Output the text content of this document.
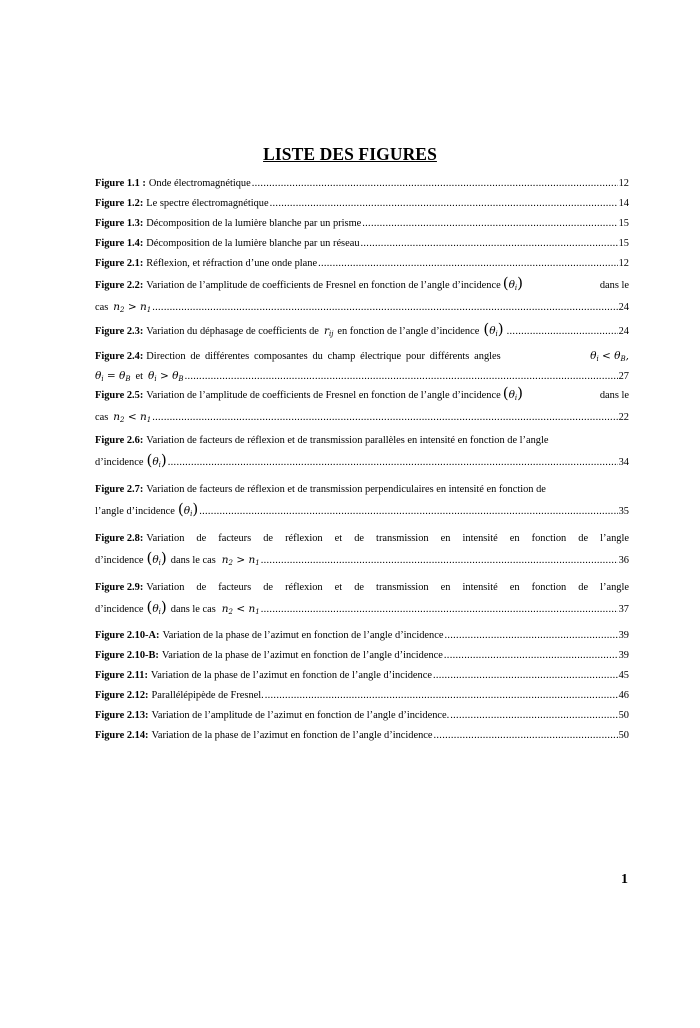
LISTE DES FIGURES
Figure 1.1 : Onde électromagnétique .....	12
Figure 1.2: Le spectre électromagnétique .....	14
Figure 1.3: Décomposition de la lumière blanche par un prisme .....	15
Figure 1.4: Décomposition de la lumière blanche par un réseau .....	15
Figure 2.1: Réflexion, et réfraction d’une onde plane .....	12
Figure 2.2: Variation de l’amplitude de coefficients de Fresnel en fonction de l’angle d’incidence $(\theta_i)$	dans le
cas $n_2 > n_1$ .....	24
Figure 2.3: Variation du déphasage de coefficients de $r_{ij}$ en fonction de l’angle d’incidence $(\theta_i)$ .....	24
Figure 2.4: Direction de différentes composantes du champ électrique pour différents angles	$\theta_i < \theta_B$,
$\theta_i = \theta_B$ et $\theta_i > \theta_B$ .....	27
Figure 2.5: Variation de l’amplitude de coefficients de Fresnel en fonction de l’angle d’incidence $(\theta_i)$	dans le
cas $n_2 < n_1$ .....	22
Figure 2.6: Variation de facteurs de réflexion et de transmission parallèles en intensité en fonction de l’angle
d’incidence $(\theta_i)$ .....	34
Figure 2.7: Variation de facteurs de réflexion et de transmission perpendiculaires en intensité en fonction de
l’angle d’incidence $(\theta_i)$ .....	35
Figure 2.8: Variation de facteurs de réflexion et de transmission en intensité en fonction de l’angle
d’incidence $(\theta_i)$ dans le cas $n_2 > n_1$ .....	36
Figure 2.9: Variation de facteurs de réflexion et de transmission en intensité en fonction de l’angle
d’incidence $(\theta_i)$ dans le cas $n_2 < n_1$ .....	37
Figure 2.10-A: Variation de la phase de l’azimut en fonction de l’angle d’incidence .....	39
Figure 2.10-B: Variation de la phase de l’azimut en fonction de l’angle d’incidence .....	39
Figure 2.11: Variation de la phase de l’azimut en fonction de l’angle d’incidence .....	45
Figure 2.12: Parallélépipède de Fresnel. .....	46
Figure 2.13: Variation de l’amplitude de l’azimut en fonction de l’angle d’incidence. .....	50
Figure 2.14: Variation de la phase de l’azimut en fonction de l’angle d’incidence .....	50
1
